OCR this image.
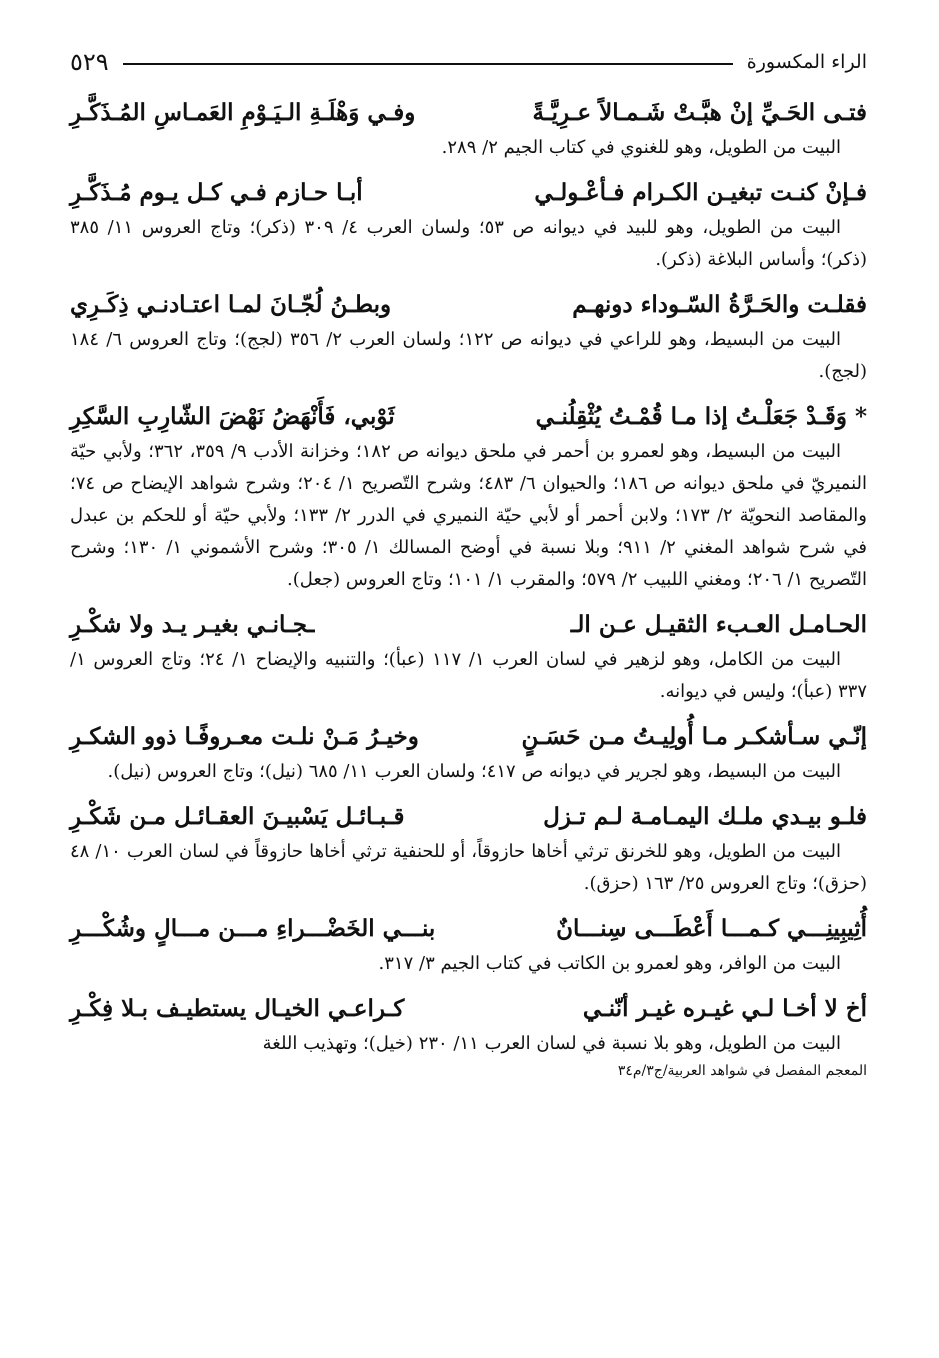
الراء المكسورة
٥٢٩
فتـى الحَـيِّ إنْ هبَّـتْ شَـمـالاً عـرِيَّـةً
وفـي وَهْلَـةِ الـيَـوْمِ العَمـاسِ المُـذَكَّـرِ

البيت من الطويل، وهو للغنوي في كتاب الجيم ٢/ ٢٨٩.

فـإنْ كنـت تبغيـن الكـرام فـأعْـولـي
أبـا حـازم فـي كـل يـوم مُـذَكَّـرِ

البيت من الطويل، وهو للبيد في ديوانه ص ٥٣؛ ولسان العرب ٤/ ٣٠٩ (ذكر)؛ وتاج العروس ١١/ ٣٨٥ (ذكر)؛ وأساس البلاغة (ذكر).

فقلـت والحَـرَّةُ السّـوداء دونهـم
وبطـنُ لُجّـانَ لمـا اعتـادنـي ذِكَـرِي

البيت من البسيط، وهو للراعي في ديوانه ص ١٢٢؛ ولسان العرب ٢/ ٣٥٦ (لجج)؛ وتاج العروس ٦/ ١٨٤ (لجج).

* وَقَـدْ جَعَلْـتُ إذا مـا قُمْـتُ يُثْقِلُنـي
ثَوْبي، فَأَنْهَضُ نَهْضَ الشّارِبِ السَّكِرِ

البيت من البسيط، وهو لعمرو بن أحمر في ملحق ديوانه ص ١٨٢؛ وخزانة الأدب ٩/ ٣٥٩، ٣٦٢؛ ولأبي حيّة النميريّ في ملحق ديوانه ص ١٨٦؛ والحيوان ٦/ ٤٨٣؛ وشرح التّصريح ١/ ٢٠٤؛ وشرح شواهد الإيضاح ص ٧٤؛ والمقاصد النحويّة ٢/ ١٧٣؛ ولابن أحمر أو لأبي حيّة النميري في الدرر ٢/ ١٣٣؛ ولأبي حيّة أو للحكم بن عبدل في شرح شواهد المغني ٢/ ٩١١؛ وبلا نسبة في أوضح المسالك ١/ ٣٠٥؛ وشرح الأشموني ١/ ١٣٠؛ وشرح التّصريح ١/ ٢٠٦؛ ومغني اللبيب ٢/ ٥٧٩؛ والمقرب ١/ ١٠١؛ وتاج العروس (جعل).

الحـامـل العـبء الثقيـل عـن الـ
ـجـانـي بغيـر يـد ولا شكْـرِ

البيت من الكامل، وهو لزهير في لسان العرب ١/ ١١٧ (عبأ)؛ والتنبيه والإيضاح ١/ ٢٤؛ وتاج العروس ١/ ٣٣٧ (عبأ)؛ وليس في ديوانه.

إنّـي سـأشكـر مـا أُولِيـتُ مـن حَسَـنٍ
وخيـرُ مَـنْ نلـت معـروفًـا ذوو الشكـرِ

البيت من البسيط، وهو لجرير في ديوانه ص ٤١٧؛ ولسان العرب ١١/ ٦٨٥ (نيل)؛ وتاج العروس (نيل).

فلـو بيـدي ملـك اليمـامـة لـم تـزل
قـبـائـل يَسْبيـنَ العقـائـل مـن شَكْـرِ

البيت من الطويل، وهو للخرنق ترثي أخاها حازوقاً، أو للحنفية ترثي أخاها حازوقاً في لسان العرب ١٠/ ٤٨ (حزق)؛ وتاج العروس ٢٥/ ١٦٣ (حزق).

أُثِيبِينِـــي كـمـــا أَعْطَـــى سِنـــانٌ
بنـــي الخَضْـــراءِ مـــن مـــالٍ وشُكْـــرِ

البيت من الوافر، وهو لعمرو بن الكاتب في كتاب الجيم ٣/ ٣١٧.

أخ لا أخـا لـي غيـره غيـر أنّنـي
كـراعـي الخيـال يستطيـف بـلا فِكْـرِ

البيت من الطويل، وهو بلا نسبة في لسان العرب ١١/ ٢٣٠ (خيل)؛ وتهذيب اللغة

المعجم المفصل في شواهد العربية/ج٣/م٣٤
